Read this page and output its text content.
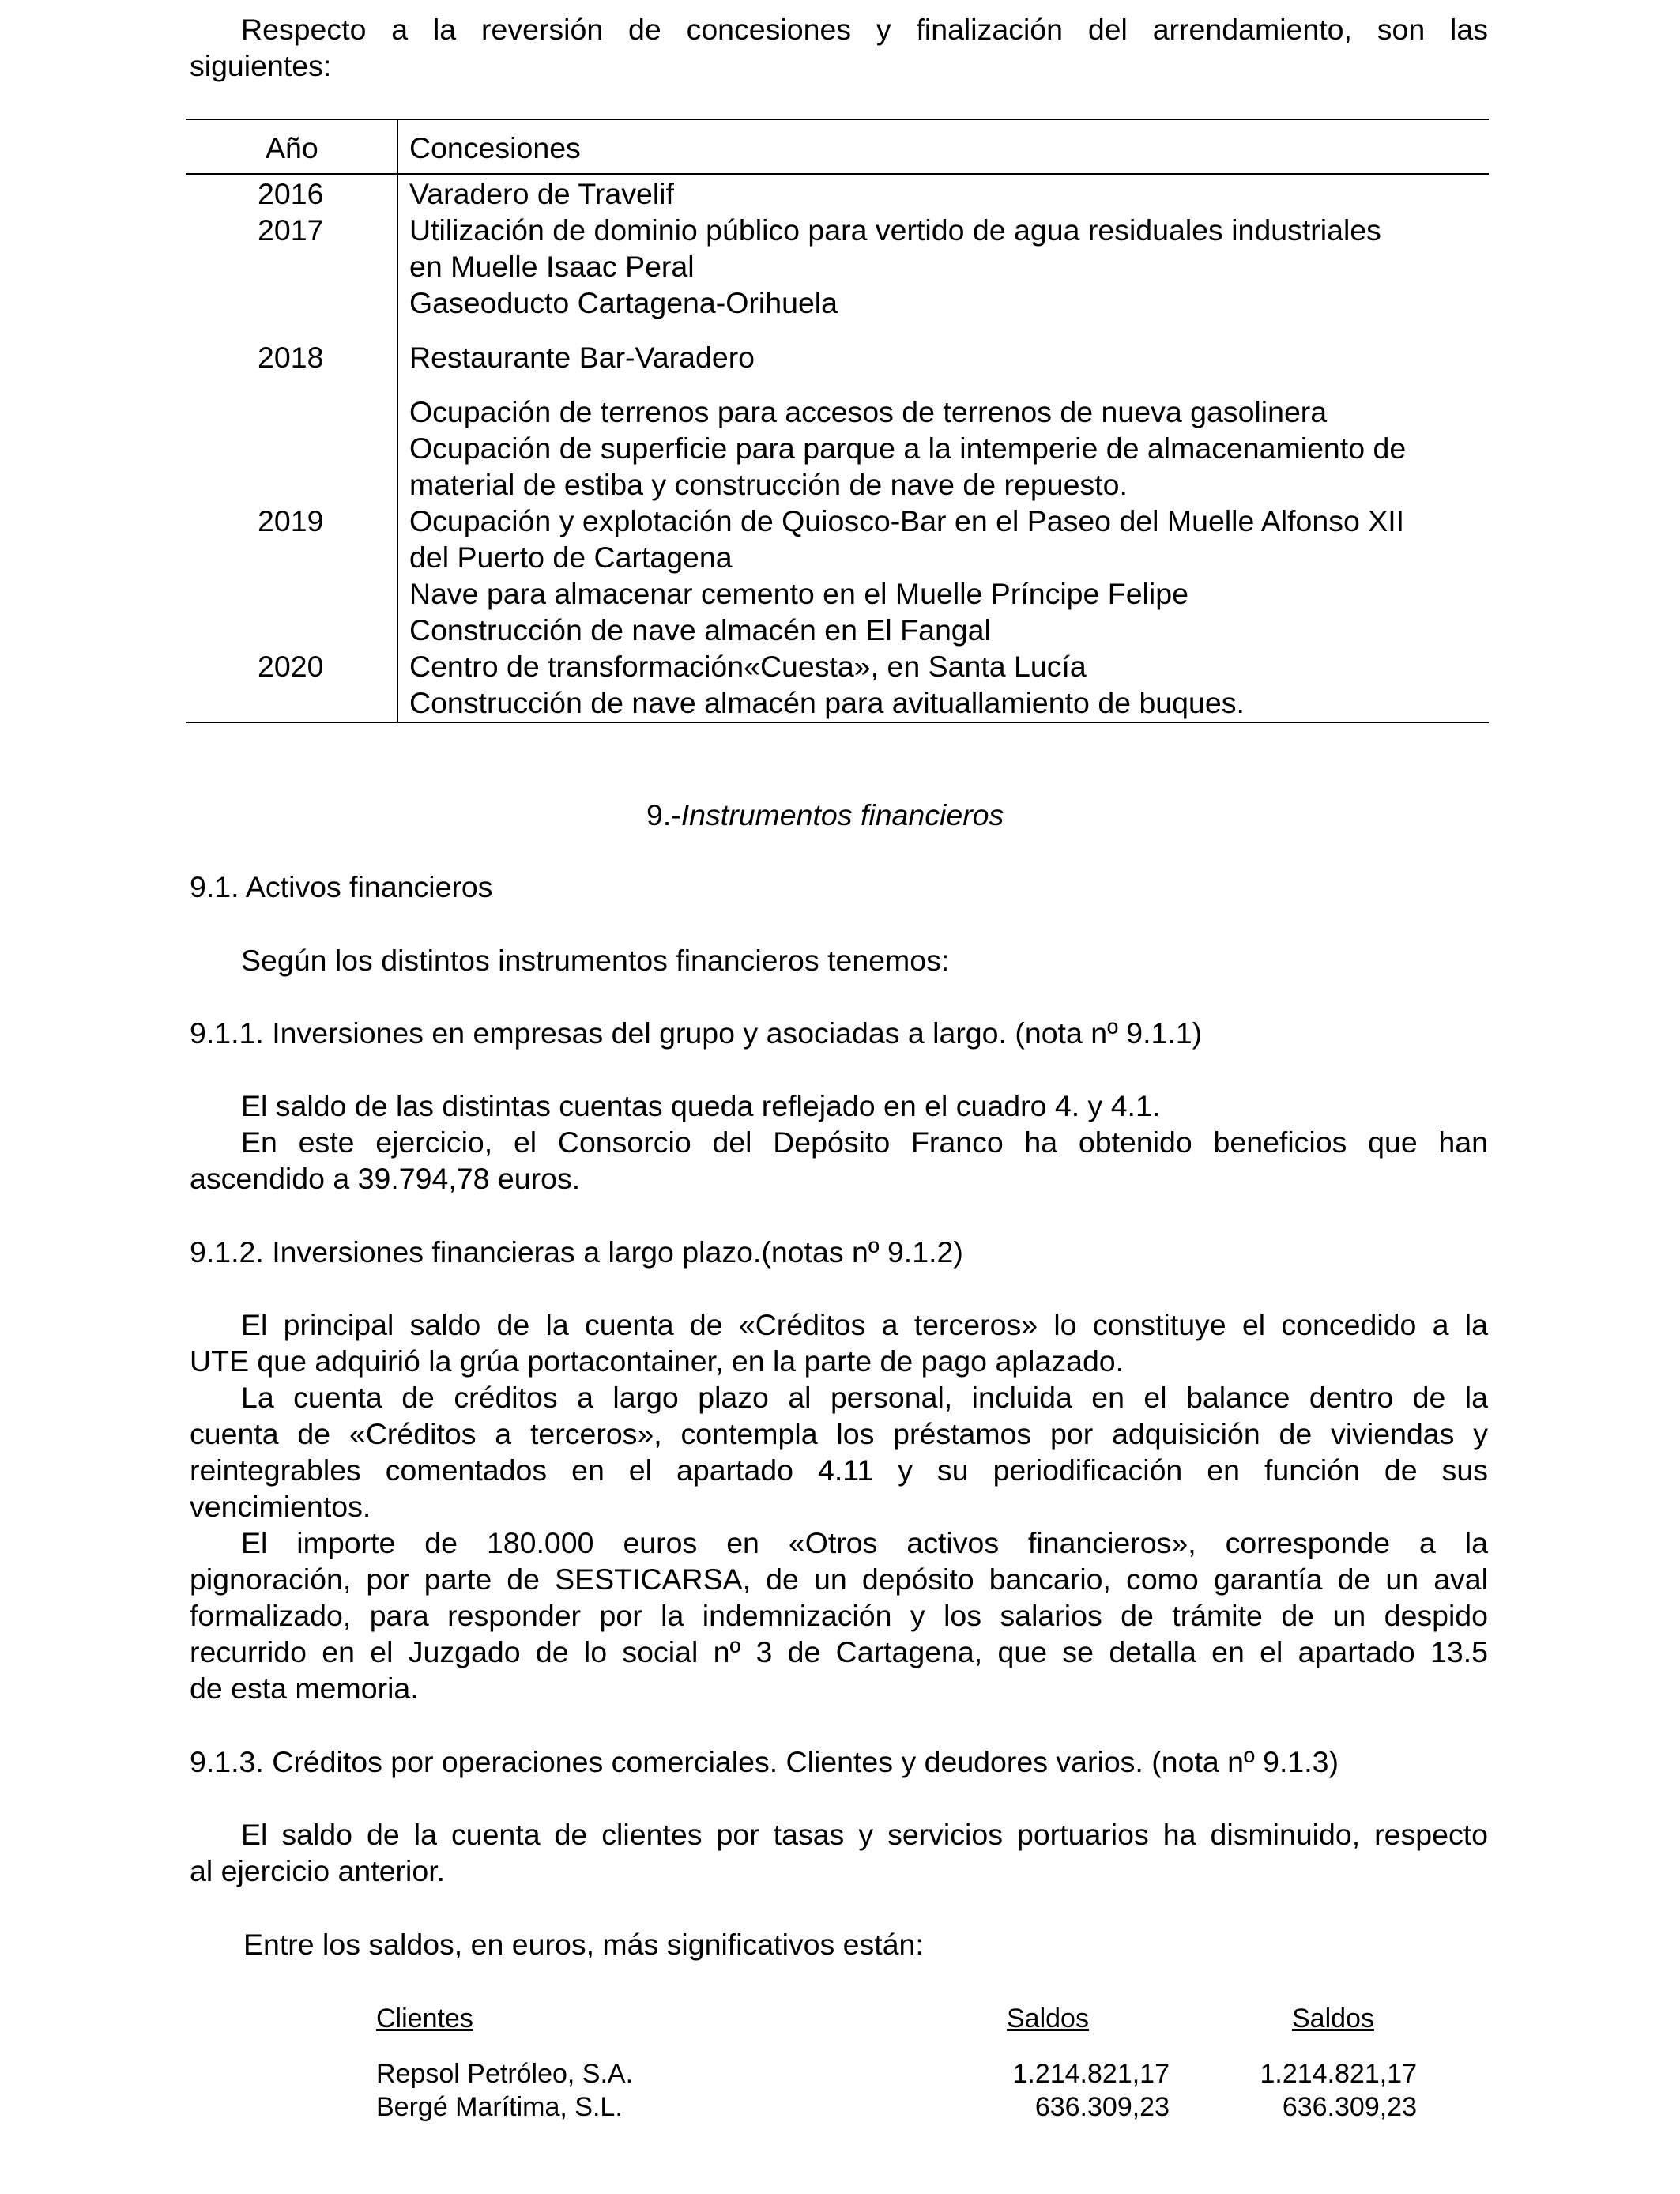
Respecto a la reversión de concesiones y finalización del arrendamiento, son las
siguientes:
Año	Concesiones
2016	Varadero de Travelif
2017	Utilización de dominio público para vertido de agua residuales industriales
en Muelle Isaac Peral
Gaseoducto Cartagena-Orihuela
2018	Restaurante Bar-Varadero
Ocupación de terrenos para accesos de terrenos de nueva gasolinera
Ocupación de superficie para parque a la intemperie de almacenamiento de
material de estiba y construcción de nave de repuesto.
2019	Ocupación y explotación de Quiosco-Bar en el Paseo del Muelle Alfonso XII
del Puerto de Cartagena
Nave para almacenar cemento en el Muelle Príncipe Felipe
Construcción de nave almacén en El Fangal
2020	Centro de transformación«Cuesta», en Santa Lucía
Construcción de nave almacén para avituallamiento de buques.
9.-Instrumentos financieros
9.1. Activos financieros
Según los distintos instrumentos financieros tenemos:
9.1.1. Inversiones en empresas del grupo y asociadas a largo. (nota nº 9.1.1)
El saldo de las distintas cuentas queda reflejado en el cuadro 4. y 4.1.
En este ejercicio, el Consorcio del Depósito Franco ha obtenido beneficios que han
ascendido a 39.794,78 euros.
9.1.2. Inversiones financieras a largo plazo.(notas nº 9.1.2)
El principal saldo de la cuenta de «Créditos a terceros» lo constituye el concedido a la
UTE que adquirió la grúa portacontainer, en la parte de pago aplazado.
La cuenta de créditos a largo plazo al personal, incluida en el balance dentro de la
cuenta de «Créditos a terceros», contempla los préstamos por adquisición de viviendas y
reintegrables comentados en el apartado 4.11 y su periodificación en función de sus
vencimientos.
El importe de 180.000 euros en «Otros activos financieros», corresponde a la
pignoración, por parte de SESTICARSA, de un depósito bancario, como garantía de un aval
formalizado, para responder por la indemnización y los salarios de trámite de un despido
recurrido en el Juzgado de lo social nº 3 de Cartagena, que se detalla en el apartado 13.5
de esta memoria.
9.1.3. Créditos por operaciones comerciales. Clientes y deudores varios. (nota nº 9.1.3)
El saldo de la cuenta de clientes por tasas y servicios portuarios ha disminuido, respecto
al ejercicio anterior.
Entre los saldos, en euros, más significativos están:
Clientes	Saldos	Saldos
Repsol Petróleo, S.A.	1.214.821,17	1.214.821,17
Bergé Marítima, S.L.	636.309,23	636.309,23
